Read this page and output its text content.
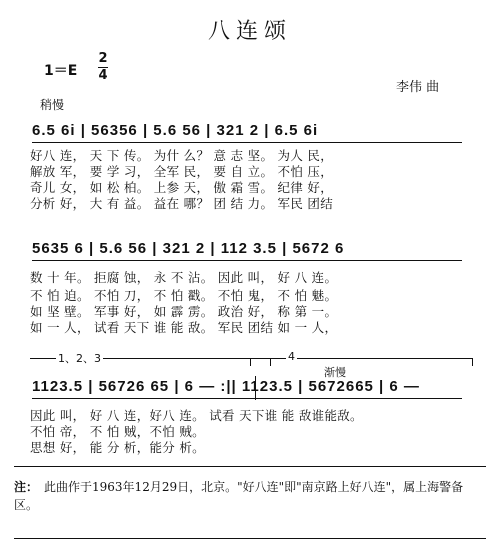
八连颂
1＝E
2
4
李伟 曲
稍慢
6.5 6i | 56356 | 5.6 56 | 321 2 | 6.5 6i
好八 连， 天 下 传。 为什 么？ 意 志 坚。 为人 民，
解放 军， 要 学 习， 全军 民， 要 自 立。 不怕 压，
奇儿 女， 如 松 柏。 上参 天， 傲 霜 雪。 纪律 好，
分析 好， 大 有 益。 益在 哪？ 团 结 力。 军民 团结
5635 6 | 5.6 56 | 321 2 | 112 3.5 | 5672 6
数 十 年。 拒腐 蚀， 永 不 沾。 因此 叫， 好 八 连。
不 怕 迫。 不怕 刀， 不 怕 戳。 不怕 鬼， 不 怕 魅。
如 坚 壁。 军事 好， 如 霹 雳。 政治 好， 称 第 一。
如 一 人， 试看 天下 谁 能 敌。 军民 团结 如 一 人，
1、2、3	4
渐慢
1123.5 | 56726 65 | 6 — :|| 1123.5 | 5672665 | 6 —
因此 叫， 好 八 连，好八 连。 试看 天下谁 能 敌谁能敌。
不怕 帝， 不 怕 贼，不怕 贼。
思想 好， 能 分 析，能分 析。
注： 此曲作于1963年12月29日，北京。"好八连"即"南京路上好八连"，属上海警备区。
